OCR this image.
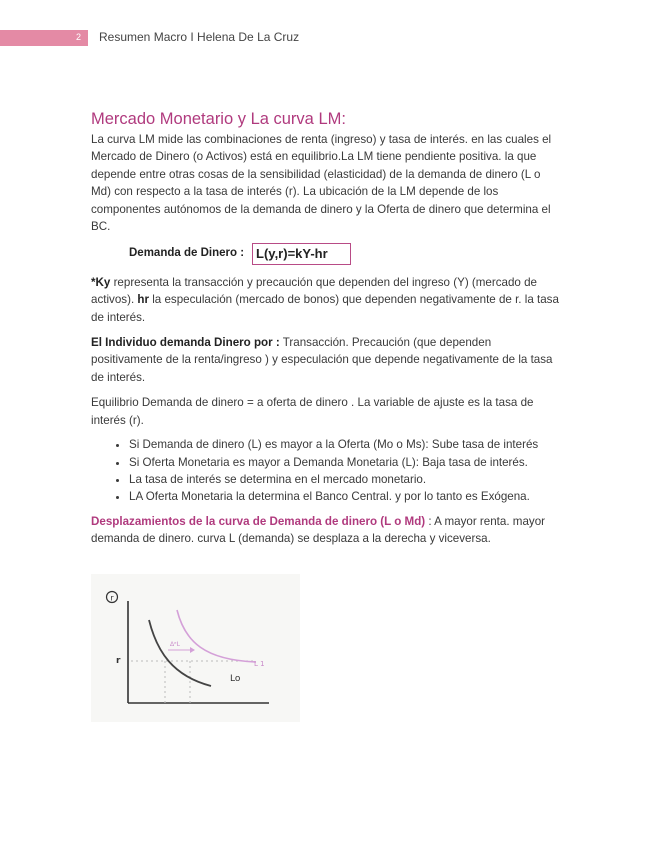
2 Resumen Macro I Helena De La Cruz
Mercado Monetario y La curva LM:

La curva LM mide las combinaciones de renta (ingreso) y tasa de interés. en las cuales el Mercado de Dinero (o Activos) está en equilibrio.La LM tiene pendiente positiva. la que depende entre otras cosas de la sensibilidad (elasticidad) de la demanda de dinero (L o Md) con respecto a la tasa de interés (r). La ubicación de la LM depende de los componentes autónomos de la demanda de dinero y la Oferta de dinero que determina el BC.

Demanda de Dinero : L(y,r)=kY-hr

*Ky representa la transacción y precaución que dependen del ingreso (Y) (mercado de activos). hr la especulación (mercado de bonos) que dependen negativamente de r. la tasa de interés.

El Individuo demanda Dinero por : Transacción. Precaución (que dependen positivamente de la renta/ingreso ) y especulación que depende negativamente de la tasa de interés.

Equilibrio Demanda de dinero = a oferta de dinero . La variable de ajuste es la tasa de interés (r).

• Si Demanda de dinero (L) es mayor a la Oferta (Mo o Ms): Sube tasa de interés
• Si Oferta Monetaria es mayor a Demanda Monetaria (L): Baja tasa de interés.
• La tasa de interés se determina en el mercado monetario.
• LA Oferta Monetaria la determina el Banco Central. y por lo tanto es Exógena.

Desplazamientos de la curva de Demanda de dinero (L o Md) : A mayor renta. mayor demanda de dinero. curva L (demanda) se desplaza a la derecha y viceversa.

r
r
ΔᵉL
L 1
Lo
